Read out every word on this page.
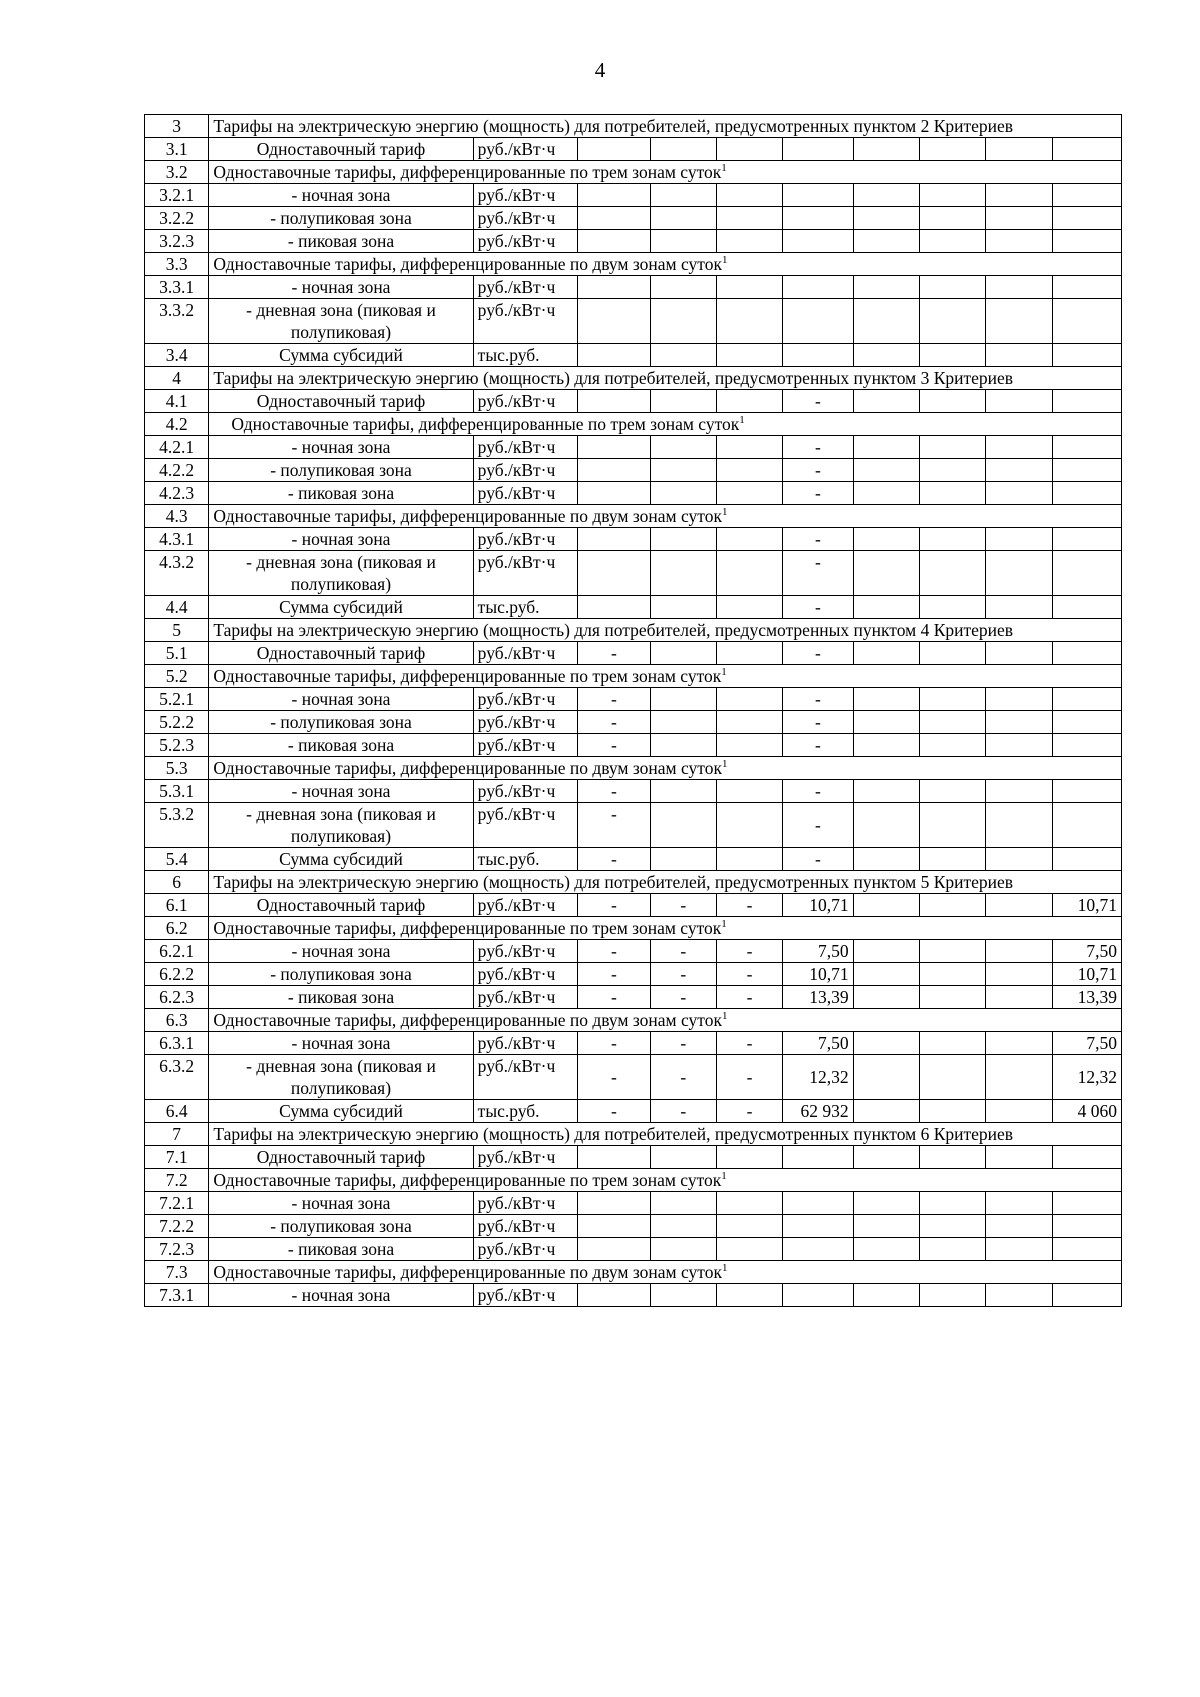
4
3	Тарифы на электрическую энергию (мощность) для потребителей, предусмотренных пунктом 2 Критериев									
3.1	Одноставочный тариф	руб./кВт·ч								
3.2	Одноставочные тарифы, дифференцированные по трем зонам суток$^1$
3.2.1	- ночная зона	руб./кВт·ч								
3.2.2	- полупиковая зона	руб./кВт·ч								
3.2.3	- пиковая зона	руб./кВт·ч								
3.3	Одноставочные тарифы, дифференцированные по двум зонам суток$^1$
3.3.1	- ночная зона	руб./кВт·ч								
3.3.2	- дневная зона (пиковая и полупиковая)	руб./кВт·ч								
3.4	Сумма субсидий	тыс.руб.								
4	Тарифы на электрическую энергию (мощность) для потребителей, предусмотренных пунктом 3 Критериев									
4.1	Одноставочный тариф	руб./кВт·ч				-				
4.2	Одноставочные тарифы, дифференцированные по трем зонам суток$^1$
4.2.1	- ночная зона	руб./кВт·ч				-				
4.2.2	- полупиковая зона	руб./кВт·ч				-				
4.2.3	- пиковая зона	руб./кВт·ч				-				
4.3	Одноставочные тарифы, дифференцированные по двум зонам суток$^1$
4.3.1	- ночная зона	руб./кВт·ч				-				
4.3.2	- дневная зона (пиковая и полупиковая)	руб./кВт·ч				-				
4.4	Сумма субсидий	тыс.руб.				-				
5	Тарифы на электрическую энергию (мощность) для потребителей, предусмотренных пунктом 4 Критериев									
5.1	Одноставочный тариф	руб./кВт·ч	-			-				
5.2	Одноставочные тарифы, дифференцированные по трем зонам суток$^1$
5.2.1	- ночная зона	руб./кВт·ч	-			-				
5.2.2	- полупиковая зона	руб./кВт·ч	-			-				
5.2.3	- пиковая зона	руб./кВт·ч	-			-				
5.3	Одноставочные тарифы, дифференцированные по двум зонам суток$^1$
5.3.1	- ночная зона	руб./кВт·ч	-			-				
5.3.2	- дневная зона (пиковая и полупиковая)	руб./кВт·ч	-			-				
5.4	Сумма субсидий	тыс.руб.	-			-				
6	Тарифы на электрическую энергию (мощность) для потребителей, предусмотренных пунктом 5 Критериев									
6.1	Одноставочный тариф	руб./кВт·ч	-	-	-	10,71				10,71
6.2	Одноставочные тарифы, дифференцированные по трем зонам суток$^1$
6.2.1	- ночная зона	руб./кВт·ч	-	-	-	7,50				7,50
6.2.2	- полупиковая зона	руб./кВт·ч	-	-	-	10,71				10,71
6.2.3	- пиковая зона	руб./кВт·ч	-	-	-	13,39				13,39
6.3	Одноставочные тарифы, дифференцированные по двум зонам суток$^1$
6.3.1	- ночная зона	руб./кВт·ч	-	-	-	7,50				7,50
6.3.2	- дневная зона (пиковая и полупиковая)	руб./кВт·ч	-	-	-	12,32				12,32
6.4	Сумма субсидий	тыс.руб.	-	-	-	62 932				4 060
7	Тарифы на электрическую энергию (мощность) для потребителей, предусмотренных пунктом 6 Критериев									
7.1	Одноставочный тариф	руб./кВт·ч								
7.2	Одноставочные тарифы, дифференцированные по трем зонам суток$^1$
7.2.1	- ночная зона	руб./кВт·ч								
7.2.2	- полупиковая зона	руб./кВт·ч								
7.2.3	- пиковая зона	руб./кВт·ч								
7.3	Одноставочные тарифы, дифференцированные по двум зонам суток$^1$
7.3.1	- ночная зона	руб./кВт·ч								
